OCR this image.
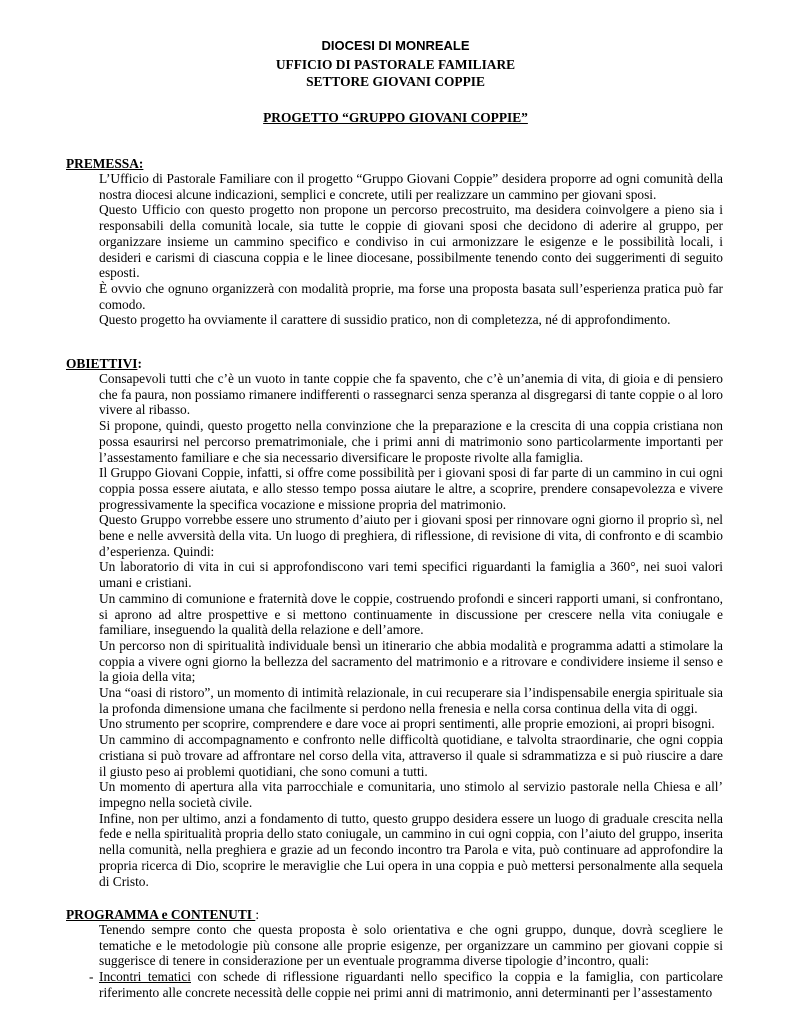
DIOCESI DI MONREALE
UFFICIO DI PASTORALE FAMILIARE
SETTORE GIOVANI COPPIE
PROGETTO “GRUPPO GIOVANI COPPIE”
PREMESSA:

L’Ufficio di Pastorale Familiare con il progetto “Gruppo Giovani Coppie” desidera proporre ad ogni comunità della nostra diocesi alcune indicazioni, semplici e concrete, utili per realizzare un cammino per giovani sposi.

Questo Ufficio con questo progetto non propone un percorso precostruito, ma desidera coinvolgere a pieno sia i responsabili della comunità locale, sia tutte le coppie di giovani sposi che decidono di aderire al gruppo, per organizzare insieme un cammino specifico e condiviso in cui armonizzare le esigenze e le possibilità locali, i desideri e carismi di ciascuna coppia e le linee diocesane, possibilmente tenendo conto dei suggerimenti di seguito esposti.

È ovvio che ognuno organizzerà con modalità proprie, ma forse una proposta basata sull’esperienza pratica può far comodo.

Questo progetto ha ovviamente il carattere di sussidio pratico, non di completezza, né di approfondimento.

OBIETTIVI:

Consapevoli tutti che c’è un vuoto in tante coppie che fa spavento, che c’è un’anemia di vita, di gioia e di pensiero che fa paura, non possiamo rimanere indifferenti o rassegnarci senza speranza al disgregarsi di tante coppie o al loro vivere al ribasso.

Si propone, quindi, questo progetto nella convinzione che la preparazione e la crescita di una coppia cristiana non possa esaurirsi nel percorso prematrimoniale, che i primi anni di matrimonio sono particolarmente importanti per l’assestamento familiare e che sia necessario diversificare le proposte rivolte alla famiglia.

Il Gruppo Giovani Coppie, infatti, si offre come possibilità per i giovani sposi di far parte di un cammino in cui ogni coppia possa essere aiutata, e allo stesso tempo possa aiutare le altre, a scoprire, prendere consapevolezza e vivere progressivamente la specifica vocazione e missione propria del matrimonio.

Questo Gruppo vorrebbe essere uno strumento d’aiuto per i giovani sposi per rinnovare ogni giorno il proprio sì, nel bene e nelle avversità della vita. Un luogo di preghiera, di riflessione, di revisione di vita, di confronto e di scambio d’esperienza. Quindi:

Un laboratorio di vita in cui si approfondiscono vari temi specifici riguardanti la famiglia a 360°, nei suoi valori umani e cristiani.

Un cammino di comunione e fraternità dove le coppie, costruendo profondi e sinceri rapporti umani, si confrontano, si aprono ad altre prospettive e si mettono continuamente in discussione per crescere nella vita coniugale e familiare, inseguendo la qualità della relazione e dell’amore.

Un percorso non di spiritualità individuale bensì un itinerario che abbia modalità e programma adatti a stimolare la coppia a vivere ogni giorno la bellezza del sacramento del matrimonio e a ritrovare e condividere insieme il senso e la gioia della vita;

Una “oasi di ristoro”, un momento di intimità relazionale, in cui recuperare sia l’indispensabile energia spirituale sia la profonda dimensione umana che facilmente si perdono nella frenesia e nella corsa continua della vita di oggi.

Uno strumento per scoprire, comprendere e dare voce ai propri sentimenti, alle proprie emozioni, ai propri bisogni.

Un cammino di accompagnamento e confronto nelle difficoltà quotidiane, e talvolta straordinarie, che ogni coppia cristiana si può trovare ad affrontare nel corso della vita, attraverso il quale si sdrammatizza e si può riuscire a dare il giusto peso ai problemi quotidiani, che sono comuni a tutti.

Un momento di apertura alla vita parrocchiale e comunitaria, uno stimolo al servizio pastorale nella Chiesa e all’ impegno nella società civile.

Infine, non per ultimo, anzi a fondamento di tutto, questo gruppo desidera essere un luogo di graduale crescita nella fede e nella spiritualità propria dello stato coniugale, un cammino in cui ogni coppia, con l’aiuto del gruppo, inserita nella comunità, nella preghiera e grazie ad un fecondo incontro tra Parola e vita, può continuare ad approfondire la propria ricerca di Dio, scoprire le meraviglie che Lui opera in una coppia e può mettersi personalmente alla sequela di Cristo.

PROGRAMMA e CONTENUTI :

Tenendo sempre conto che questa proposta è solo orientativa e che ogni gruppo, dunque, dovrà scegliere le tematiche e le metodologie più consone alle proprie esigenze, per organizzare un cammino per giovani coppie si suggerisce di tenere in considerazione per un eventuale programma diverse tipologie d’incontro, quali:

- Incontri tematici con schede di riflessione riguardanti nello specifico la coppia e la famiglia, con particolare riferimento alle concrete necessità delle coppie nei primi anni di matrimonio, anni determinanti per l’assestamento
